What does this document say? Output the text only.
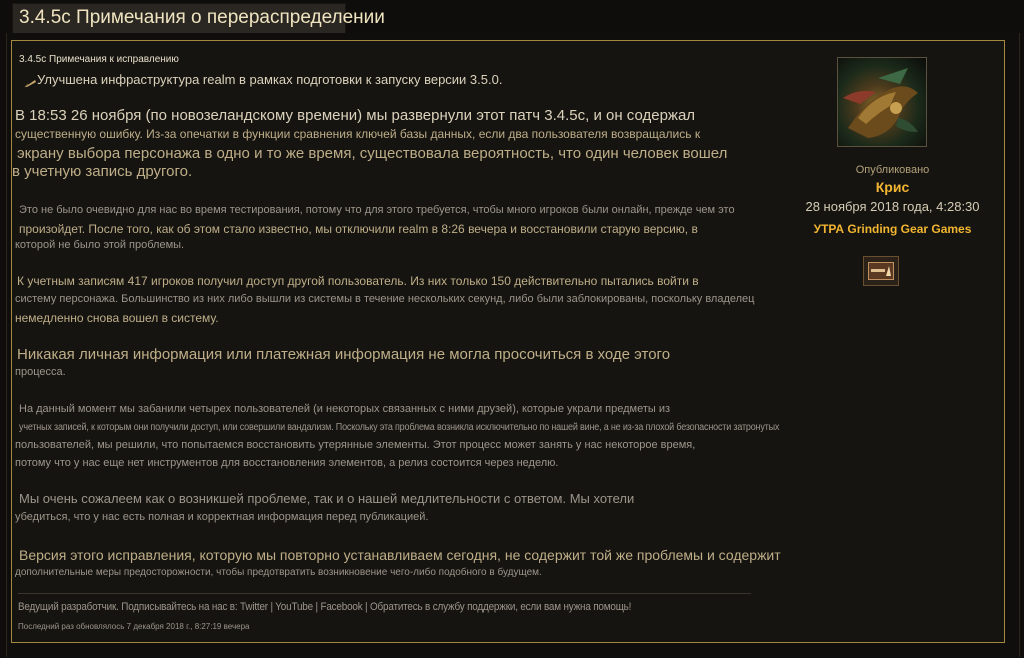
3.4.5c Примечания о перераспределении
3.4.5c Примечания к исправлению
Улучшена инфраструктура realm в рамках подготовки к запуску версии 3.5.0.
В 18:53 26 ноября (по новозеландскому времени) мы развернули этот патч 3.4.5c, и он содержал
существенную ошибку. Из-за опечатки в функции сравнения ключей базы данных, если два пользователя возвращались к
экрану выбора персонажа в одно и то же время, существовала вероятность, что один человек вошел
в учетную запись другого.
Это не было очевидно для нас во время тестирования, потому что для этого требуется, чтобы много игроков были онлайн, прежде чем это
произойдет. После того, как об этом стало известно, мы отключили realm в 8:26 вечера и восстановили старую версию, в
которой не было этой проблемы.
К учетным записям 417 игроков получил доступ другой пользователь. Из них только 150 действительно пытались войти в
систему персонажа. Большинство из них либо вышли из системы в течение нескольких секунд, либо были заблокированы, поскольку владелец
немедленно снова вошел в систему.
Никакая личная информация или платежная информация не могла просочиться в ходе этого
процесса.
На данный момент мы забанили четырех пользователей (и некоторых связанных с ними друзей), которые украли предметы из
учетных записей, к которым они получили доступ, или совершили вандализм. Поскольку эта проблема возникла исключительно по нашей вине, а не из-за плохой безопасности затронутых
пользователей, мы решили, что попытаемся восстановить утерянные элементы. Этот процесс может занять у нас некоторое время,
потому что у нас еще нет инструментов для восстановления элементов, а релиз состоится через неделю.
Мы очень сожалеем как о возникшей проблеме, так и о нашей медлительности с ответом. Мы хотели
убедиться, что у нас есть полная и корректная информация перед публикацией.
Версия этого исправления, которую мы повторно устанавливаем сегодня, не содержит той же проблемы и содержит
дополнительные меры предосторожности, чтобы предотвратить возникновение чего-либо подобного в будущем.
Ведущий разработчик. Подписывайтесь на нас в: Twitter | YouTube | Facebook | Обратитесь в службу поддержки, если вам нужна помощь!
Последний раз обновлялось 7 декабря 2018 г., 8:27:19 вечера
Опубликовано
Крис
28 ноября 2018 года, 4:28:30
УТРА Grinding Gear Games
